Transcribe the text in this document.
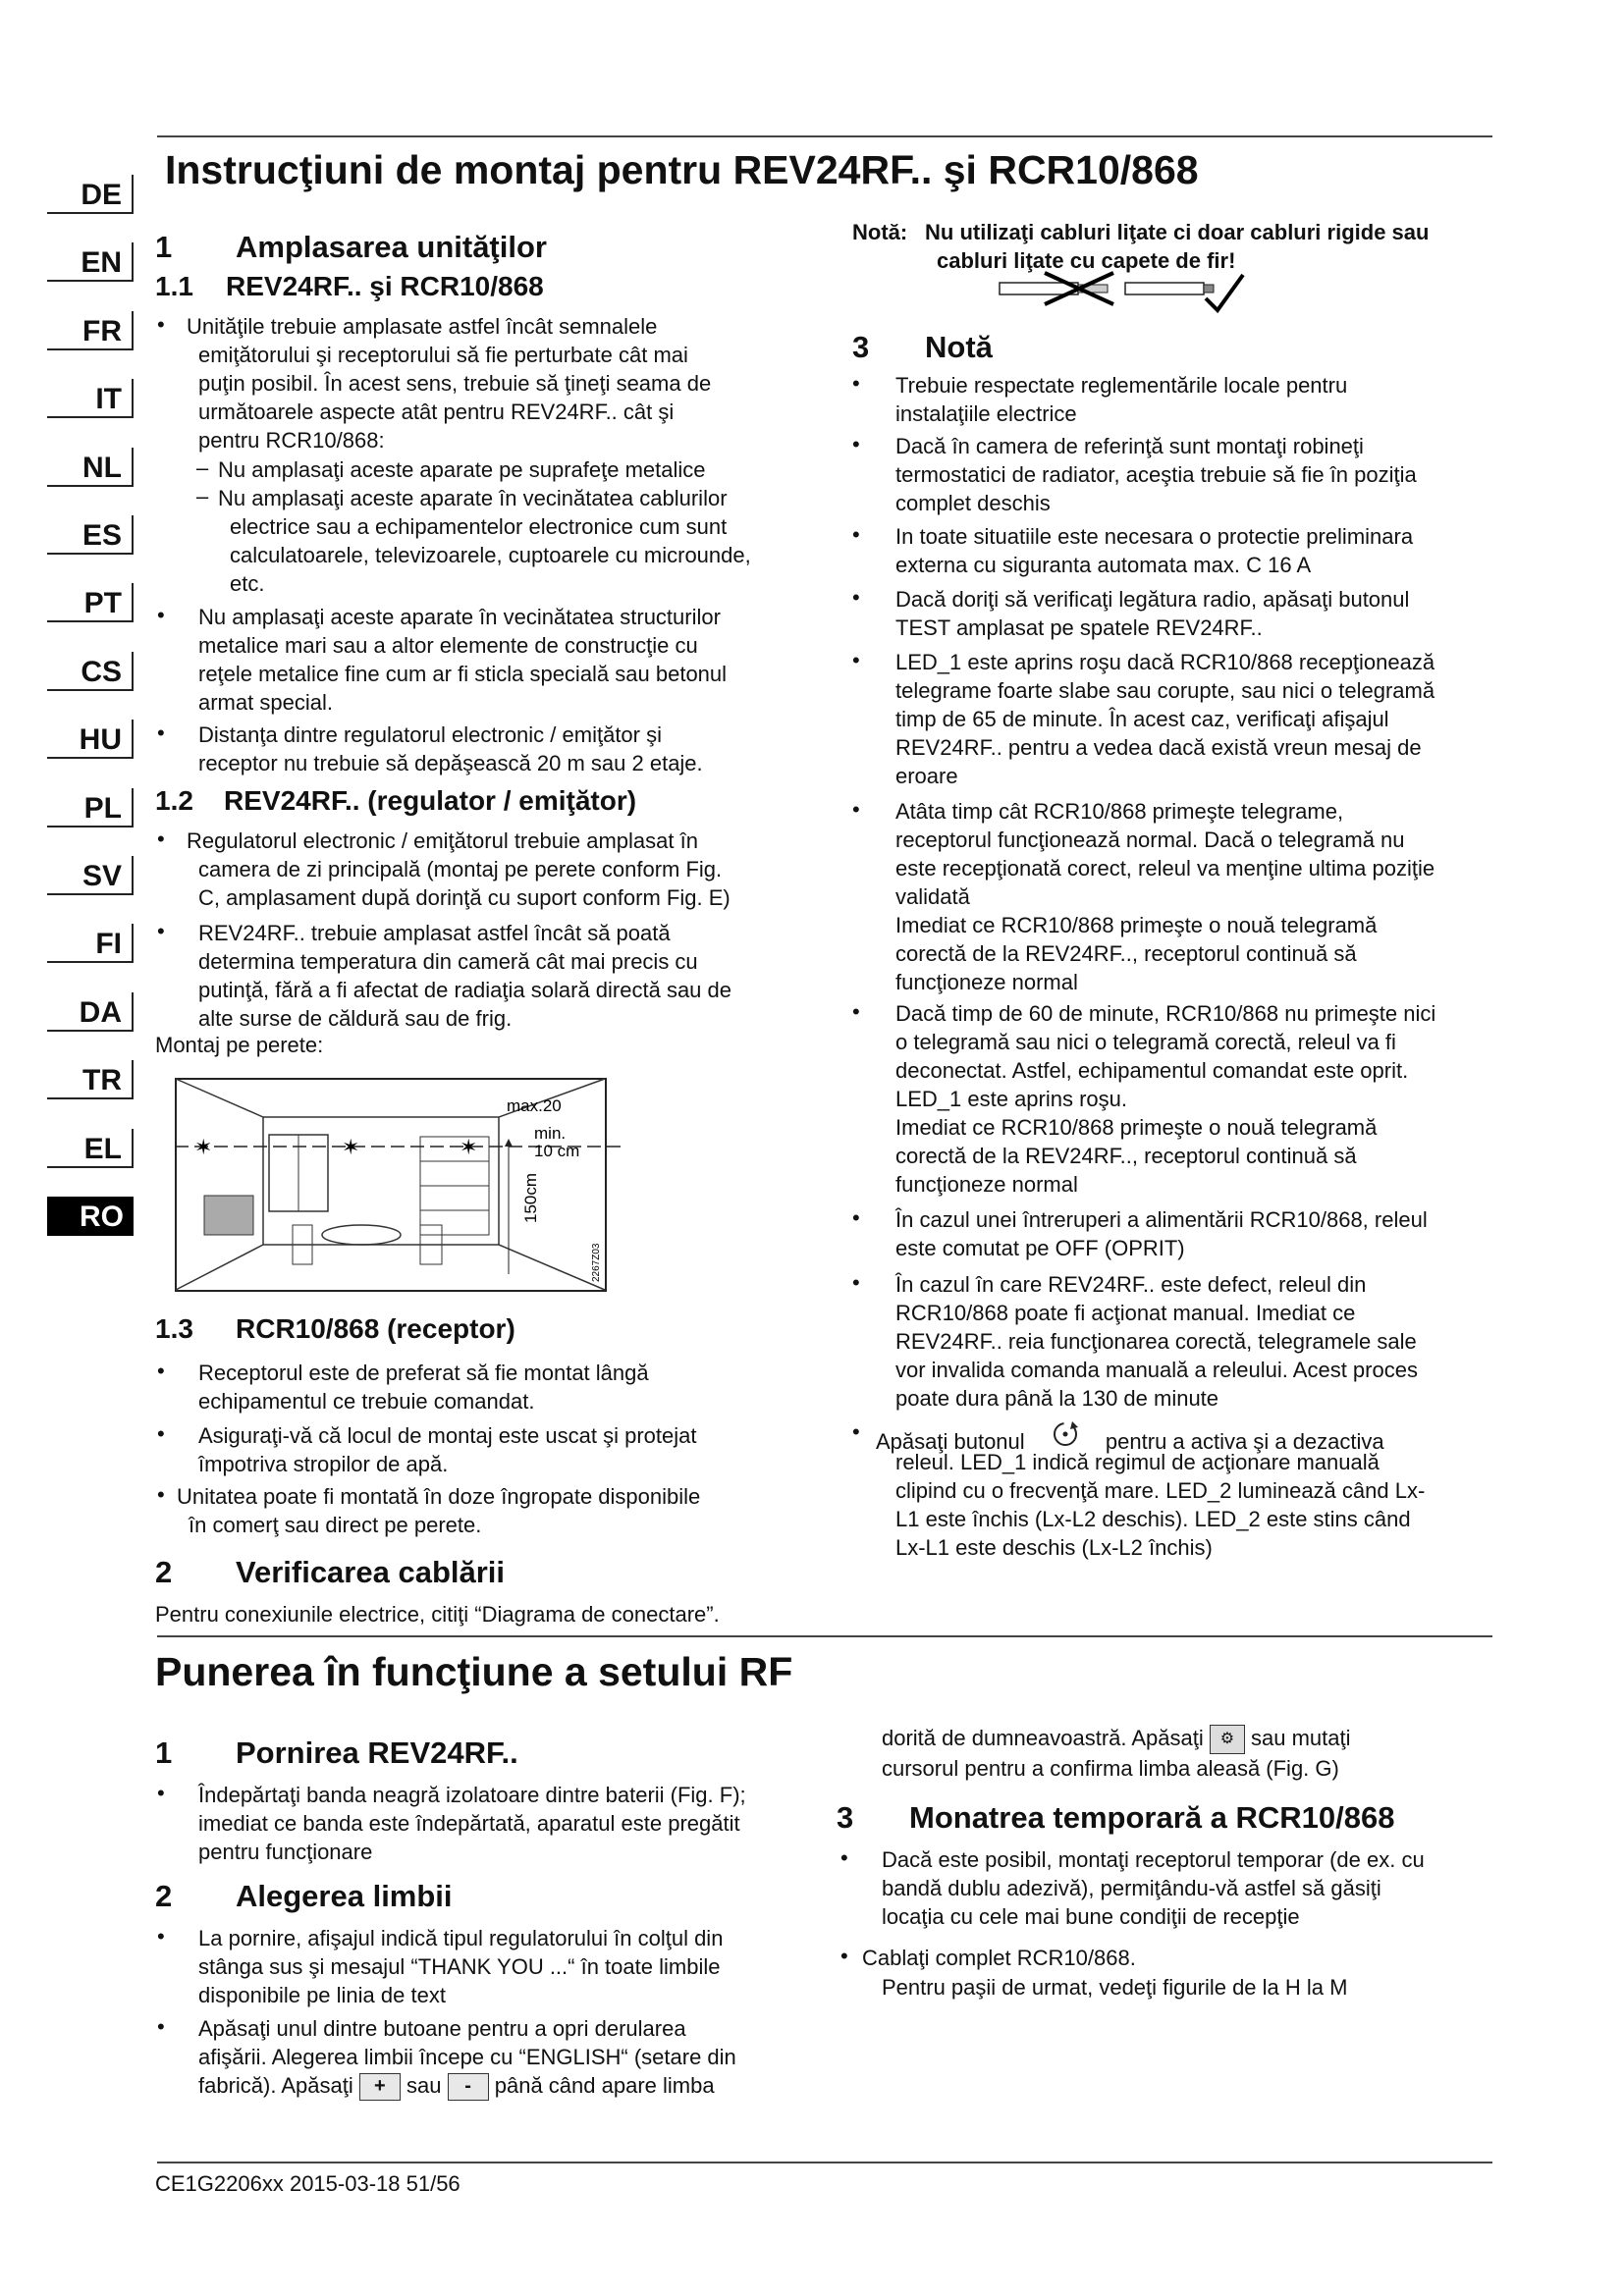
DE
EN
FR
IT
NL
ES
PT
CS
HU
PL
SV
FI
DA
TR
EL
RO
Instrucţiuni de montaj pentru REV24RF.. şi RCR10/868
1 Amplasarea unităţilor
1.1 REV24RF.. şi RCR10/868
• Unităţile trebuie amplasate astfel încât semnalele
emiţătorului şi receptorului să fie perturbate cât mai
puţin posibil. În acest sens, trebuie să ţineţi seama de
următoarele aspecte atât pentru REV24RF.. cât şi
pentru RCR10/868:
– Nu amplasaţi aceste aparate pe suprafeţe metalice
– Nu amplasaţi aceste aparate în vecinătatea cablurilor
electrice sau a echipamentelor electronice cum sunt
calculatoarele, televizoarele, cuptoarele cu microunde,
etc.
• Nu amplasaţi aceste aparate în vecinătatea structurilor
metalice mari sau a altor elemente de construcţie cu
reţele metalice fine cum ar fi sticla specială sau betonul
armat special.
• Distanţa dintre regulatorul electronic / emiţător şi
receptor nu trebuie să depăşească 20 m sau 2 etaje.
1.2 REV24RF.. (regulator / emiţător)
• Regulatorul electronic / emiţătorul trebuie amplasat în
camera de zi principală (montaj pe perete conform Fig.
C, amplasament după dorinţă cu suport conform Fig. E)
• REV24RF.. trebuie amplasat astfel încât să poată
determina temperatura din cameră cât mai precis cu
putinţă, fără a fi afectat de radiaţia solară directă sau de
alte surse de căldură sau de frig.
Montaj pe perete:
✶	✶	✶
max.20
min.
10 cm
150cm
2267Z03
1.3 RCR10/868 (receptor)
• Receptorul este de preferat să fie montat lângă
echipamentul ce trebuie comandat.
• Asiguraţi-vă că locul de montaj este uscat şi protejat
împotriva stropilor de apă.
• Unitatea poate fi montată în doze îngropate disponibile
în comerţ sau direct pe perete.
2 Verificarea cablării
Pentru conexiunile electrice, citiţi “Diagrama de conectare”.
Notă: Nu utilizaţi cabluri liţate ci doar cabluri rigide sau
cabluri liţate cu capete de fir!
3 Notă
• Trebuie respectate reglementările locale pentru
instalaţiile electrice
• Dacă în camera de referinţă sunt montaţi robineţi
termostatici de radiator, aceştia trebuie să fie în poziţia
complet deschis
• In toate situatiile este necesara o protectie preliminara
externa cu siguranta automata max. C 16 A
• Dacă doriţi să verificaţi legătura radio, apăsaţi butonul
TEST amplasat pe spatele REV24RF..
• LED_1 este aprins roşu dacă RCR10/868 recepţionează
telegrame foarte slabe sau corupte, sau nici o telegramă
timp de 65 de minute. În acest caz, verificaţi afişajul
REV24RF.. pentru a vedea dacă există vreun mesaj de
eroare
• Atâta timp cât RCR10/868 primeşte telegrame,
receptorul funcţionează normal. Dacă o telegramă nu
este recepţionată corect, releul va menţine ultima poziţie
validată
Imediat ce RCR10/868 primeşte o nouă telegramă
corectă de la REV24RF.., receptorul continuă să
funcţioneze normal
• Dacă timp de 60 de minute, RCR10/868 nu primeşte nici
o telegramă sau nici o telegramă corectă, releul va fi
deconectat. Astfel, echipamentul comandat este oprit.
LED_1 este aprins roşu.
Imediat ce RCR10/868 primeşte o nouă telegramă
corectă de la REV24RF.., receptorul continuă să
funcţioneze normal
• În cazul unei întreruperi a alimentării RCR10/868, releul
este comutat pe OFF (OPRIT)
• În cazul în care REV24RF.. este defect, releul din
RCR10/868 poate fi acţionat manual. Imediat ce
REV24RF.. reia funcţionarea corectă, telegramele sale
vor invalida comanda manuală a releului. Acest proces
poate dura până la 130 de minute
• Apăsaţi butonul	pentru a activa şi a dezactiva
releul. LED_1 indică regimul de acţionare manuală
clipind cu o frecvenţă mare. LED_2 luminează când Lx-
L1 este închis (Lx-L2 deschis). LED_2 este stins când
Lx-L1 este deschis (Lx-L2 închis)
Punerea în funcţiune a setului RF
1 Pornirea REV24RF..
• Îndepărtaţi banda neagră izolatoare dintre baterii (Fig. F);
imediat ce banda este îndepărtată, aparatul este pregătit
pentru funcţionare
2 Alegerea limbii
• La pornire, afişajul indică tipul regulatorului în colţul din
stânga sus şi mesajul “THANK YOU ...“ în toate limbile
disponibile pe linia de text
• Apăsaţi unul dintre butoane pentru a opri derularea
afişării. Alegerea limbii începe cu “ENGLISH“ (setare din
fabrică). Apăsaţi + sau - până când apare limba
dorită de dumneavoastră. Apăsaţi ⚙ sau mutaţi
cursorul pentru a confirma limba aleasă (Fig. G)
3 Monatrea temporară a RCR10/868
• Dacă este posibil, montaţi receptorul temporar (de ex. cu
bandă dublu adezivă), permiţându-vă astfel să găsiţi
locaţia cu cele mai bune condiţii de recepţie
• Cablaţi complet RCR10/868.
Pentru paşii de urmat, vedeţi figurile de la H la M
CE1G2206xx 2015-03-18 51/56
